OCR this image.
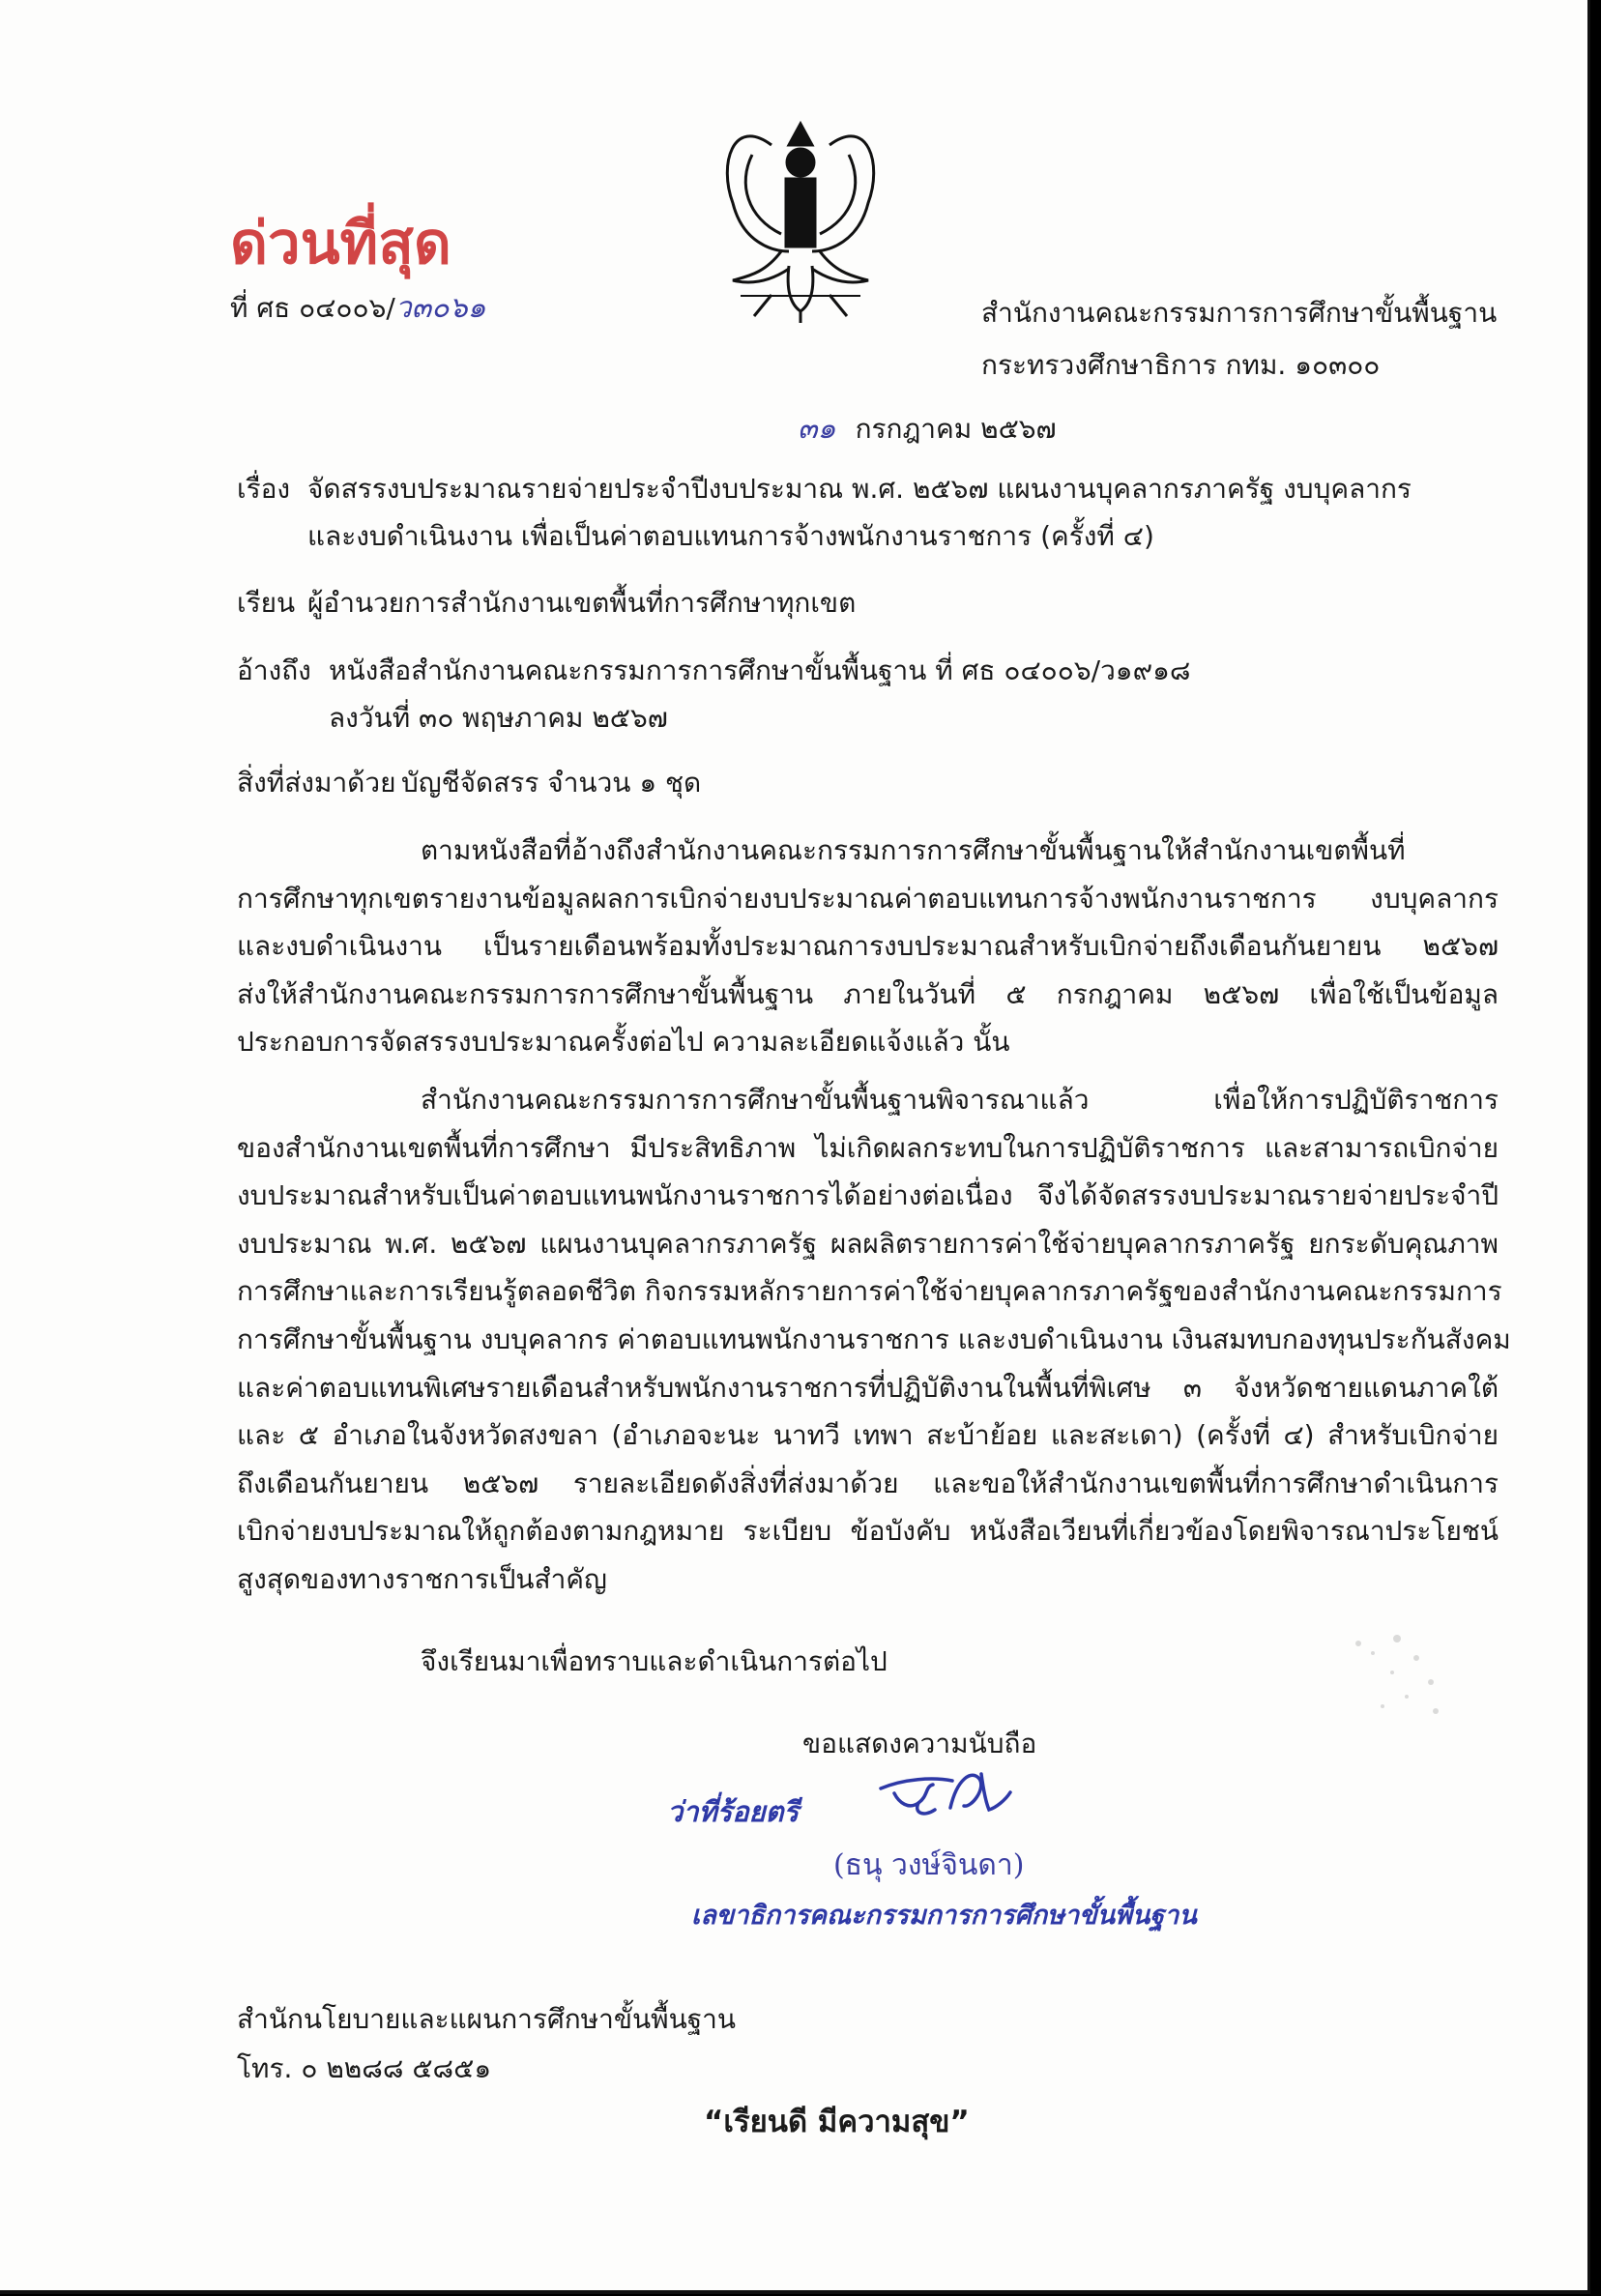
ด่วนที่สุด
ที่ ศธ ๐๔๐๐๖/ว๓๐๖๑	สำนักงานคณะกรรมการการศึกษาขั้นพื้นฐาน
กระทรวงศึกษาธิการ กทม. ๑๐๓๐๐
๓๑ กรกฎาคม ๒๕๖๗
เรื่อง จัดสรรงบประมาณรายจ่ายประจำปีงบประมาณ พ.ศ. ๒๕๖๗ แผนงานบุคลากรภาครัฐ งบบุคลากร
และงบดำเนินงาน เพื่อเป็นค่าตอบแทนการจ้างพนักงานราชการ (ครั้งที่ ๔)
เรียน ผู้อำนวยการสำนักงานเขตพื้นที่การศึกษาทุกเขต
อ้างถึง หนังสือสำนักงานคณะกรรมการการศึกษาขั้นพื้นฐาน ที่ ศธ ๐๔๐๐๖/ว๑๙๑๘
ลงวันที่ ๓๐ พฤษภาคม ๒๕๖๗
สิ่งที่ส่งมาด้วย บัญชีจัดสรร จำนวน ๑ ชุด

ตามหนังสือที่อ้างถึงสำนักงานคณะกรรมการการศึกษาขั้นพื้นฐานให้สำนักงานเขตพื้นที่

การศึกษาทุกเขตรายงานข้อมูลผลการเบิกจ่ายงบประมาณค่าตอบแทนการจ้างพนักงานราชการ งบบุคลากร

และงบดำเนินงาน เป็นรายเดือนพร้อมทั้งประมาณการงบประมาณสำหรับเบิกจ่ายถึงเดือนกันยายน ๒๕๖๗

ส่งให้สำนักงานคณะกรรมการการศึกษาขั้นพื้นฐาน ภายในวันที่ ๕ กรกฎาคม ๒๕๖๗ เพื่อใช้เป็นข้อมูล

ประกอบการจัดสรรงบประมาณครั้งต่อไป ความละเอียดแจ้งแล้ว นั้น

สำนักงานคณะกรรมการการศึกษาขั้นพื้นฐานพิจารณาแล้ว เพื่อให้การปฏิบัติราชการ

ของสำนักงานเขตพื้นที่การศึกษา มีประสิทธิภาพ ไม่เกิดผลกระทบในการปฏิบัติราชการ และสามารถเบิกจ่าย

งบประมาณสำหรับเป็นค่าตอบแทนพนักงานราชการได้อย่างต่อเนื่อง จึงได้จัดสรรงบประมาณรายจ่ายประจำปี

งบประมาณ พ.ศ. ๒๕๖๗ แผนงานบุคลากรภาครัฐ ผลผลิตรายการค่าใช้จ่ายบุคลากรภาครัฐ ยกระดับคุณภาพ

การศึกษาและการเรียนรู้ตลอดชีวิต กิจกรรมหลักรายการค่าใช้จ่ายบุคลากรภาครัฐของสำนักงานคณะกรรมการ

การศึกษาขั้นพื้นฐาน งบบุคลากร ค่าตอบแทนพนักงานราชการ และงบดำเนินงาน เงินสมทบกองทุนประกันสังคม

และค่าตอบแทนพิเศษรายเดือนสำหรับพนักงานราชการที่ปฏิบัติงานในพื้นที่พิเศษ ๓ จังหวัดชายแดนภาคใต้

และ ๕ อำเภอในจังหวัดสงขลา (อำเภอจะนะ นาทวี เทพา สะบ้าย้อย และสะเดา) (ครั้งที่ ๔) สำหรับเบิกจ่าย

ถึงเดือนกันยายน ๒๕๖๗ รายละเอียดดังสิ่งที่ส่งมาด้วย และขอให้สำนักงานเขตพื้นที่การศึกษาดำเนินการ

เบิกจ่ายงบประมาณให้ถูกต้องตามกฎหมาย ระเบียบ ข้อบังคับ หนังสือเวียนที่เกี่ยวข้องโดยพิจารณาประโยชน์

สูงสุดของทางราชการเป็นสำคัญ

จึงเรียนมาเพื่อทราบและดำเนินการต่อไป
ขอแสดงความนับถือ
ว่าที่ร้อยตรี
(ธนุ วงษ์จินดา)
เลขาธิการคณะกรรมการการศึกษาขั้นพื้นฐาน
สำนักนโยบายและแผนการศึกษาขั้นพื้นฐาน
โทร. ๐ ๒๒๘๘ ๕๘๕๑
“เรียนดี มีความสุข”
